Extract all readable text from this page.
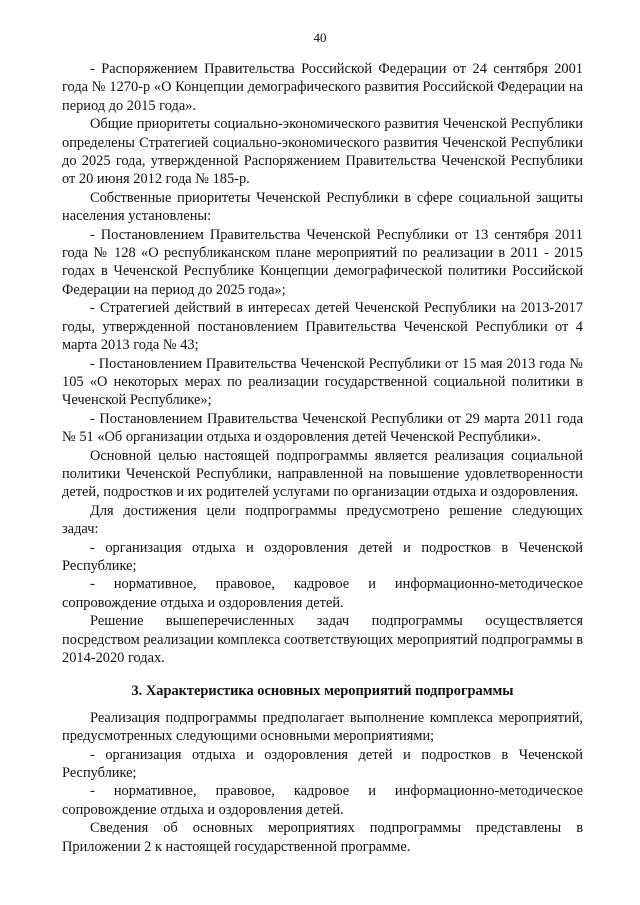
40

- Распоряжением Правительства Российской Федерации от 24 сентября 2001 года № 1270-р «О Концепции демографического развития Российской Федерации на период до 2015 года».

Общие приоритеты социально-экономического развития Чеченской Республики определены Стратегией социально-экономического развития Чеченской Республики до 2025 года, утвержденной Распоряжением Правительства Чеченской Республики от 20 июня 2012 года № 185-р.

Собственные приоритеты Чеченской Республики в сфере социальной защиты населения установлены:

- Постановлением Правительства Чеченской Республики от 13 сентября 2011 года № 128 «О республиканском плане мероприятий по реализации в 2011 - 2015 годах в Чеченской Республике Концепции демографической политики Российской Федерации на период до 2025 года»;

- Стратегией действий в интересах детей Чеченской Республики на 2013-2017 годы, утвержденной постановлением Правительства Чеченской Республики от 4 марта 2013 года № 43;

- Постановлением Правительства Чеченской Республики от 15 мая 2013 года № 105 «О некоторых мерах по реализации государственной социальной политики в Чеченской Республике»;

- Постановлением Правительства Чеченской Республики от 29 марта 2011 года № 51 «Об организации отдыха и оздоровления детей Чеченской Республики».

Основной целью настоящей подпрограммы является реализация социальной политики Чеченской Республики, направленной на повышение удовлетворенности детей, подростков и их родителей услугами по организации отдыха и оздоровления.

Для достижения цели подпрограммы предусмотрено решение следующих задач:

- организация отдыха и оздоровления детей и подростков в Чеченской Республике;

- нормативное, правовое, кадровое и информационно-методическое сопровождение отдыха и оздоровления детей.

Решение вышеперечисленных задач подпрограммы осуществляется посредством реализации комплекса соответствующих мероприятий подпрограммы в 2014-2020 годах.

3. Характеристика основных мероприятий подпрограммы

Реализация подпрограммы предполагает выполнение комплекса мероприятий, предусмотренных следующими основными мероприятиями;

- организация отдыха и оздоровления детей и подростков в Чеченской Республике;

- нормативное, правовое, кадровое и информационно-методическое сопровождение отдыха и оздоровления детей.

Сведения об основных мероприятиях подпрограммы представлены в Приложении 2 к настоящей государственной программе.
